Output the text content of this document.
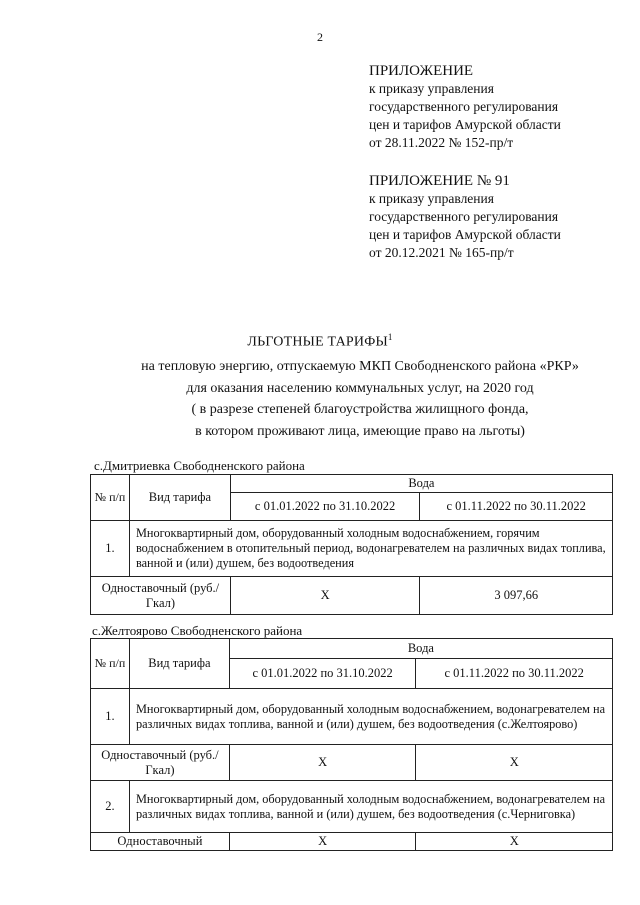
2
ПРИЛОЖЕНИЕ
к приказу управления
государственного регулирования
цен и тарифов Амурской области
от 28.11.2022 № 152-пр/т
ПРИЛОЖЕНИЕ № 91
к приказу управления
государственного регулирования
цен и тарифов Амурской области
от 20.12.2021 № 165-пр/т
ЛЬГОТНЫЕ ТАРИФЫ$^1$
на тепловую энергию, отпускаемую МКП Свободненского района «РКР»
для оказания населению коммунальных услуг, на 2020 год
( в разрезе степеней благоустройства жилищного фонда,
в котором проживают лица, имеющие право на льготы)
с.Дмитриевка Свободненского района
№ п/п	Вид тарифа	Вода	
		с 01.01.2022 по 31.10.2022	с 01.11.2022 по 30.11.2022
1.	Многоквартирный дом, оборудованный холодным водоснабжением, горячим водоснабжением в отопительный период, водонагревателем на различных видах топлива, ванной и (или) душем, без водоотведения		
Одноставочный (руб./Гкал)		Х	3 097,66
с.Желтоярово Свободненского района
№ п/п	Вид тарифа	Вода	
		с 01.01.2022 по 31.10.2022	с 01.11.2022 по 30.11.2022
1.	Многоквартирный дом, оборудованный холодным водоснабжением, водонагревателем на различных видах топлива, ванной и (или) душем, без водоотведения (с.Желтоярово)		
Одноставочный (руб./Гкал)		Х	Х
2.	Многоквартирный дом, оборудованный холодным водоснабжением, водонагревателем на различных видах топлива, ванной и (или) душем, без водоотведения (с.Черниговка)		
Одноставочный		Х	Х
